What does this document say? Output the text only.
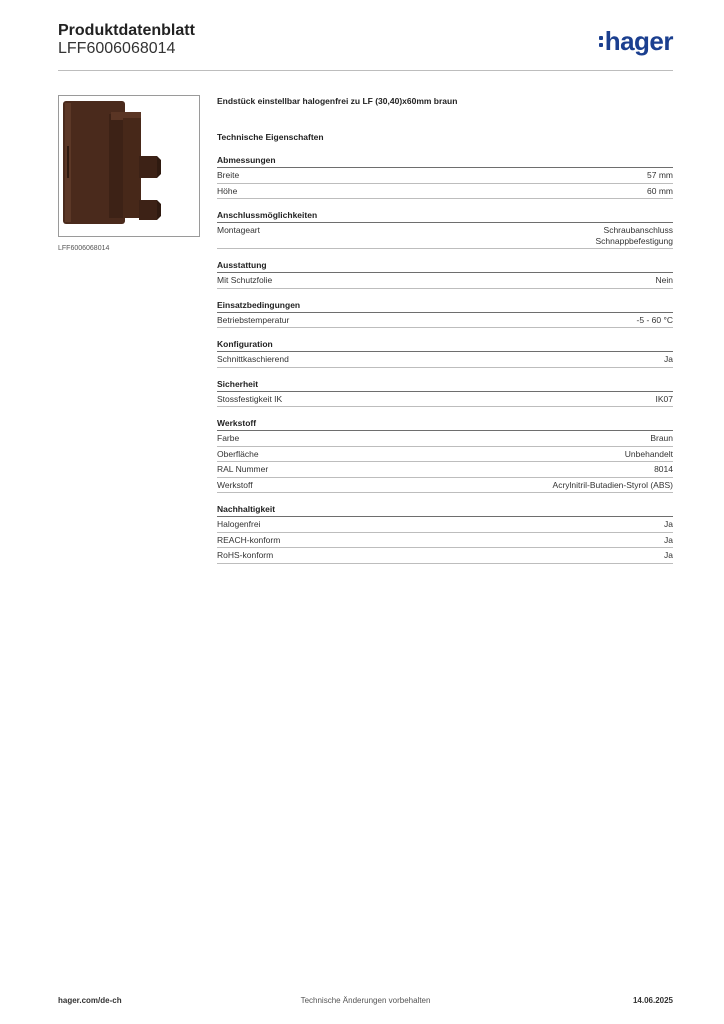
Produktdatenblatt
LFF6006068014	hager
LFF6006068014
Endstück einstellbar halogenfrei zu LF (30,40)x60mm braun
Technische Eigenschaften
Abmessungen
Breite	57 mm
Höhe	60 mm
Anschlussmöglichkeiten
Montageart	Schraubanschluss
Schnappbefestigung
Ausstattung
Mit Schutzfolie	Nein
Einsatzbedingungen
Betriebstemperatur	-5 - 60 °C
Konfiguration
Schnittkaschierend	Ja
Sicherheit
Stossfestigkeit IK	IK07
Werkstoff
Farbe	Braun
Oberfläche	Unbehandelt
RAL Nummer	8014
Werkstoff	Acrylnitril-Butadien-Styrol (ABS)
Nachhaltigkeit
Halogenfrei	Ja
REACH-konform	Ja
RoHS-konform	Ja
Technische Änderungen vorbehalten
hager.com/de-ch	14.06.2025
